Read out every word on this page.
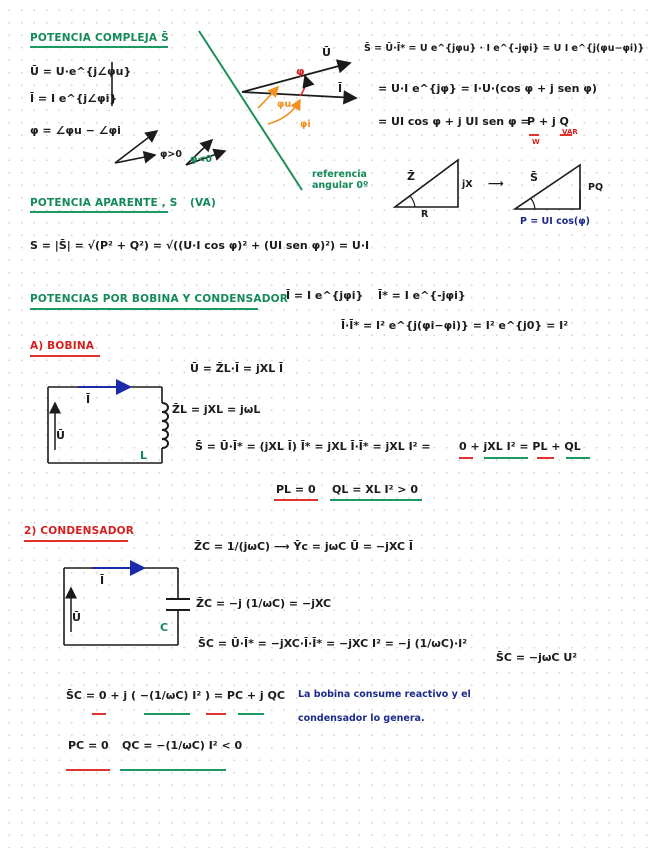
POTENCIA COMPLEJA S̄
POTENCIA APARENTE , S (VA)
POTENCIAS POR BOBINA Y CONDENSADOR
A) BOBINA
2) CONDENSADOR
Ū = U·e^{j∠φu}
Ī = I e^{j∠φi}
φ = ∠φu − ∠φi
φ>0 φ<0
Ū
Ī
φ
φu
φi
referencia
angular 0º
S̄ = Ū·Ī* = U e^{jφu} · I e^{-jφi} = U I e^{j(φu−φi)}
= U·I e^{jφ} = I·U·(cos φ + j sen φ)
= UI cos φ + j UI sen φ =
P + j Q
W
VAR
Z̄
jX
R
⟶ S̄
PQ
P = UI cos(φ)
S = |S̄| = √(P² + Q²) = √((U·I cos φ)² + (UI sen φ)²) = U·I
Ī = I e^{jφi} Ī* = I e^{-jφi}
Ī·Ī* = I² e^{j(φi−φi)} = I² e^{j0} = I²
Ū = Z̄L·Ī = jXL Ī
Z̄L = jXL = jωL
S̄ = Ū·Ī* = (jXL Ī) Ī* = jXL Ī·Ī* = jXL I² =	0 + jXL I² = PL + QL
PL = 0 QL = XL I² > 0
Ī
Ū
L
Z̄C = 1/(jωC) ⟶ Ȳc = jωC Ū = −jXC Ī
Z̄C = −j (1/ωC) = −jXC
S̄C = Ū·Ī* = −jXC·Ī·Ī* = −jXC I² = −j (1/ωC)·I²
S̄C = −jωC U²
S̄C = 0 + j ( −(1/ωC) I² ) = PC + j QC
PC = 0 QC = −(1/ωC) I² < 0
La bobina consume reactivo y el
condensador lo genera.
Ī
Ū
C
